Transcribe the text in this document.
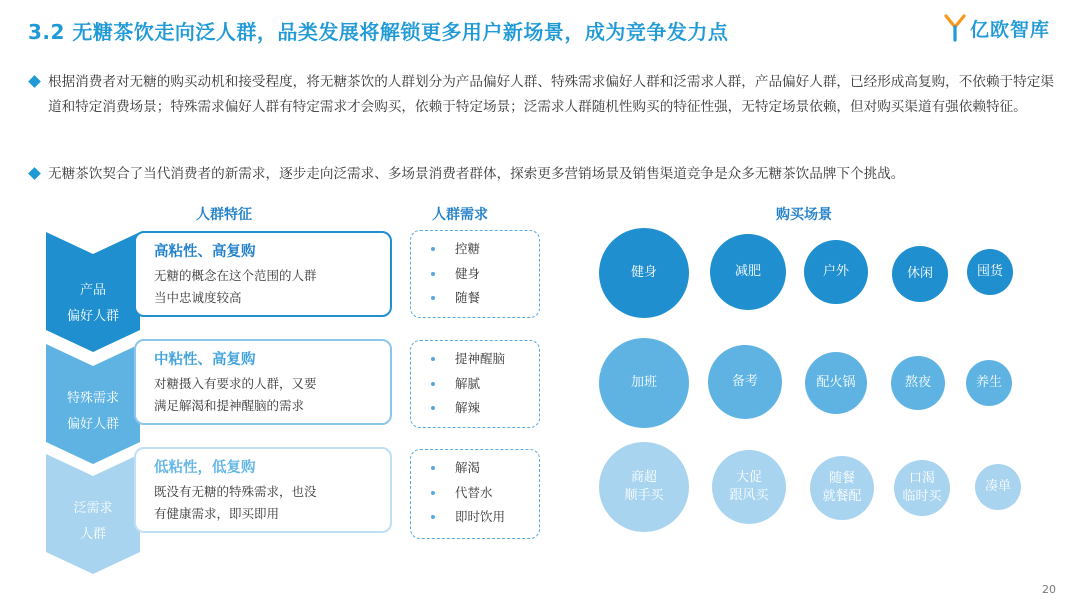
3.2 无糖茶饮走向泛人群，品类发展将解锁更多用户新场景，成为竞争发力点	亿欧智库
根据消费者对无糖的购买动机和接受程度，将无糖茶饮的人群划分为产品偏好人群、特殊需求偏好人群和泛需求人群，产品偏好人群，已经形成高复购，不依赖于特定渠道和特定消费场景；特殊需求偏好人群有特定需求才会购买，依赖于特定场景；泛需求人群随机性购买的特征性强，无特定场景依赖，但对购买渠道有强依赖特征。
无糖茶饮契合了当代消费者的新需求，逐步走向泛需求、多场景消费者群体，探索更多营销场景及销售渠道竞争是众多无糖茶饮品牌下个挑战。
人群特征	人群需求	购买场景
产品
偏好人群
特殊需求
偏好人群
泛需求
人群
高粘性、高复购
无糖的概念在这个范围的人群
当中忠诚度较高
中粘性、高复购
对糖摄入有要求的人群，又要
满足解渴和提神醒脑的需求
低粘性，低复购
既没有无糖的特殊需求，也没
有健康需求，即买即用
控糖
健身
随餐
提神醒脑
解腻
解辣
解渴
代替水
即时饮用
健身	减肥	户外	休闲	囤货
加班	备考	配火锅	熬夜	养生
商超
顺手买
大促
跟风买
随餐
就餐配
口渴
临时买
凑单
20
